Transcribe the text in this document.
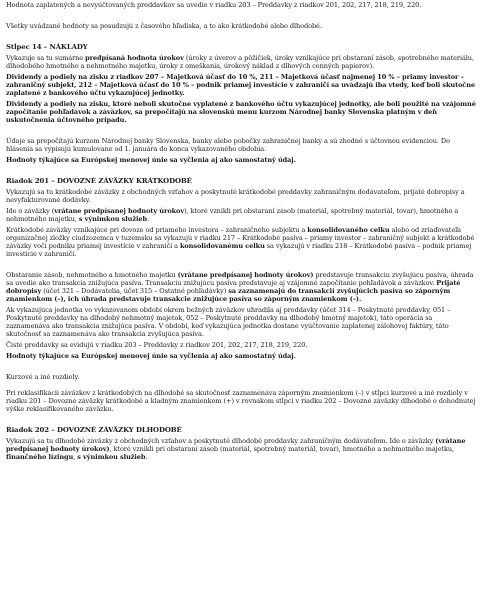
Hodnota zaplatených a nevyúčtovaných preddavkov sa uvedie v riadku 203 – Preddavky z riadkov 201, 202, 217, 218, 219, 220.

Všetky uvádzané hodnoty sa posudzujú z časového hľadiska, a to ako krátkodobé alebo dlhodobé.

Stĺpec 14 – NÁKLADY

Vykazuje sa tu sumárne predpísaná hodnota úrokov (úroky z úverov a pôžičiek, úroky vznikajúce pri obstaraní zásob, spotrebného materiálu, dlhodobého hmotného a nehmotného majetku, úroky z omeškania, úrokový náklad z dlhových cenných papierov).

Dividendy a podiely na zisku z riadkov 207 – Majetková účasť do 10 %, 211 – Majetková účasť najmenej 10 % – priamy investor – zahraničný subjekt, 212 – Majetková účasť do 10 % – podnik priamej investície v zahraničí sa uvádzajú iba vtedy, keď boli skutočne zaplatené z bankového účtu vykazujúcej jednotky.

Dividendy a podiely na zisku, ktoré neboli skutočne vyplatené z bankového účtu vykazujúcej jednotky, ale boli použité na vzájomné započítanie pohľadávok a záväzkov, sa prepočítajú na slovenskú menu kurzom Národnej banky Slovenska platným v deň uskutočnenia účtovného prípadu.

Údaje sa prepočítajú kurzom Národnej banky Slovenska, banky alebo pobočky zahraničnej banky a sú zhodné s účtovnou evidenciou. Do hlásenia sa vypisujú kumulovane od 1. januára do konca vykazovaného obdobia.

Hodnoty týkajúce sa Európskej menovej únie sa vyčlenia aj ako samostatný údaj.

Riadok 201 – DOVOZNÉ ZÁVÄZKY KRÁTKODOBÉ

Vykazujú sa tu krátkodobé záväzky z obchodných vzťahov a poskytnuté krátkodobé preddavky zahraničným dodávateľom, prijaté dobropisy a nevyfakturované dodávky.

Ide o záväzky (vrátane predpísanej hodnoty úrokov), ktoré vznikli pri obstaraní zásob (materiál, spotrebný materiál, tovar), hmotného a nehmotného majetku, s výnimkou služieb.

Krátkodobé záväzky vznikajúce pri dovoze od priameho investora – zahraničného subjektu a konsolidovaného celku alebo od zriaďovateľa organizačnej zložky ciudzozemca v tuzemsku sa vykazujú v riadku 217 – Krátkodobé pasíva – priamy investor – zahraničný subjekt a krátkodobé záväzky voči podniku priamej investície v zahraničí a konsolidovanému celku sa vykazujú v riadku 218 – Krátkodobé pasíva – podnik priamej investície v zahraničí.

Obstaranie zásob, nehmotného a hmotného majetku (vrátane predpísanej hodnoty úrokov) predstavuje transakciu zvyšujúcu pasíva, úhrada sa uvedie ako transakcia znižujúca pasíva. Transakciu znižujúcu pasíva predstavuje aj vzájomné započítanie pohľadávok a záväzkov. Prijaté dobropisy (účet 321 – Dodávatelia, účet 315 – Ostatné pohľadávky) sa zaznamenajú do transakcií zvyšujúcich pasíva so záporným znamienkom (–), ich úhrada predstavuje transakcie znižujúce pasíva so záporným znamienkom (–).

Ak vykazujúca jednotka vo vykazovanom období okrem bežných záväzkov uhradila aj preddavky (účet 314 – Poskytnuté preddavky, 051 – Poskytnuté preddavky na dlhodobý nehmotný majetok, 052 – Poskytnuté preddavky na dlhodobý hmotný majetok), táto operácia sa zaznamenáva ako transakcia znižujúca pasíva. V období, keď vykazujúca jednotka dostane vyúčtovanie zaplatenej zálohovej faktúry, táto skutočnosť sa zaznamenáva ako transakcia zvyšujúca pasíva.

Čisté preddavky sa evidujú v riadku 203 – Preddavky z riadkov 201, 202, 217, 218, 219, 220.

Hodnoty týkajúce sa Európskej menovej únie sa vyčlenia aj ako samostatný údaj.

Kurzové a iné rozdiely.

Pri reklasifikácii záväzkov z krátkodobých na dlhodobé sa skutočnosť zaznamenáva záporným znamienkom (–) v stĺpci kurzové a iné rozdiely v riadku 201 – Dovozné záväzky krátkodobé a kladným znamienkom (+) v rovnakom stĺpci v riadku 202 – Dovozné záväzky dlhodobé o dohodnutej výške reklasifikovaného záväzku.

Riadok 202 – DOVOZNÉ ZÁVÄZKY DLHODOBÉ

Vykazujú sa tu dlhodobé záväzky z obchodných vzťahov a poskytnuté dlhodobé preddavky zahraničným dodávateľom. Ide o záväzky (vrátane predpísanej hodnoty úrokov), ktoré vznikli pri obstaraní zásob (materiál, spotrebný materiál, tovar), hmotného a nehmotného majetku, finančného lízingu, s výnimkou služieb.
